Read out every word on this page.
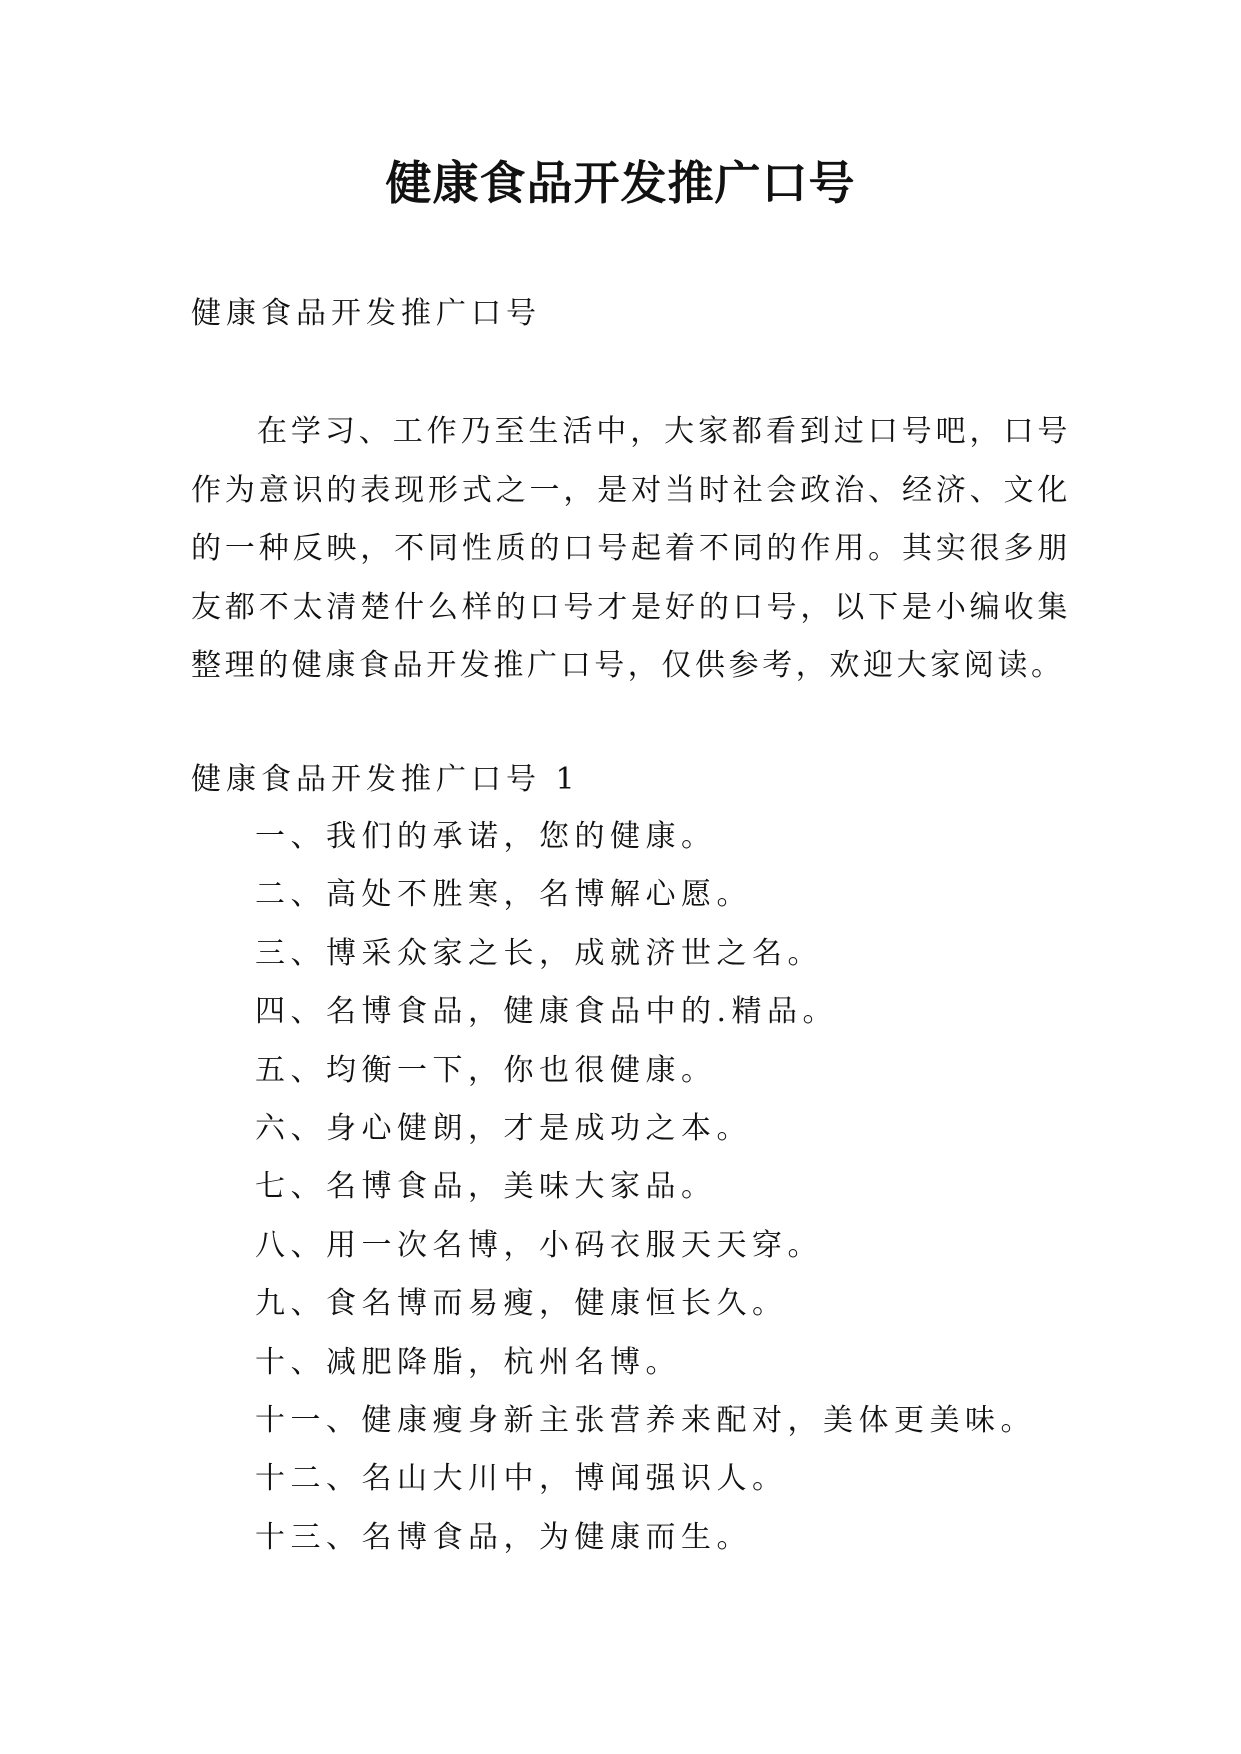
健康食品开发推广口号

健康食品开发推广口号

在学习、工作乃至生活中，大家都看到过口号吧，口号作为意识的表现形式之一，是对当时社会政治、经济、文化的一种反映，不同性质的口号起着不同的作用。其实很多朋友都不太清楚什么样的口号才是好的口号，以下是小编收集整理的健康食品开发推广口号，仅供参考，欢迎大家阅读。

健康食品开发推广口号 1

一、我们的承诺，您的健康。
二、高处不胜寒，名博解心愿。
三、博采众家之长，成就济世之名。
四、名博食品，健康食品中的.精品。
五、均衡一下，你也很健康。
六、身心健朗，才是成功之本。
七、名博食品，美味大家品。
八、用一次名博，小码衣服天天穿。
九、食名博而易瘦，健康恒长久。
十、减肥降脂，杭州名博。
十一、健康瘦身新主张营养来配对，美体更美味。
十二、名山大川中，博闻强识人。
十三、名博食品，为健康而生。
